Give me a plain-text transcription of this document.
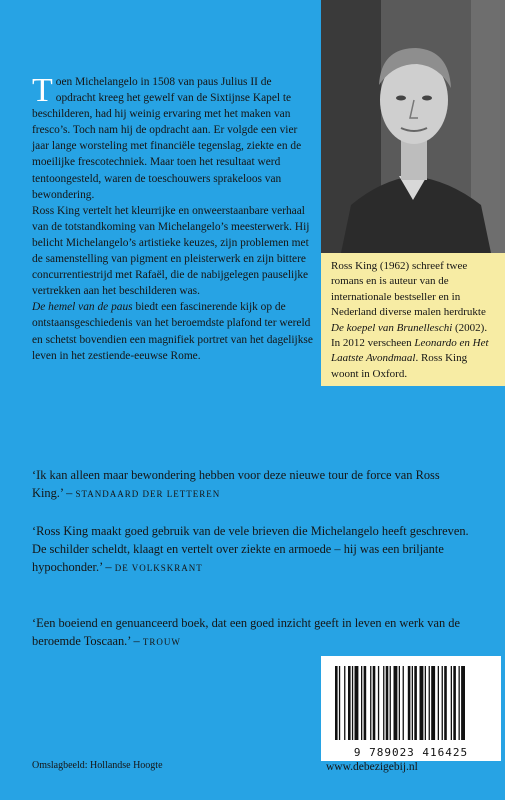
Toen Michelangelo in 1508 van paus Julius II de opdracht kreeg het gewelf van de Sixtijnse Kapel te beschilderen, had hij weinig ervaring met het maken van fresco’s. Toch nam hij de opdracht aan. Er volgde een vier jaar lange worsteling met financiële tegenslag, ziekte en de moeilijke frescotechniek. Maar toen het resultaat werd tentoongesteld, waren de toeschouwers sprakeloos van bewondering.

Ross King vertelt het kleurrijke en onweerstaanbare verhaal van de totstandkoming van Michelangelo’s meesterwerk. Hij belicht Michelangelo’s artistieke keuzes, zijn problemen met de samenstelling van pigment en pleisterwerk en zijn bittere concurrentiestrijd met Rafaël, die de nabijgelegen pauselijke vertrekken aan het beschilderen was.

De hemel van de paus biedt een fascinerende kijk op de ontstaansgeschiedenis van het beroemdste plafond ter wereld en schetst bovendien een magnifiek portret van het dagelijkse leven in het zestiende-eeuwse Rome.

Ross King (1962) schreef twee romans en is auteur van de internationale bestseller en in Nederland diverse malen herdrukte De koepel van Brunelleschi (2002). In 2012 verscheen Leonardo en Het Laatste Avondmaal. Ross King woont in Oxford.

‘Ik kan alleen maar bewondering hebben voor deze nieuwe tour de force van Ross King.’ – STANDAARD DER LETTEREN

‘Ross King maakt goed gebruik van de vele brieven die Michelangelo heeft geschreven. De schilder scheldt, klaagt en vertelt over ziekte en armoede – hij was een briljante hypochonder.’ – DE VOLKSKRANT

‘Een boeiend en genuanceerd boek, dat een goed inzicht geeft in leven en werk van de beroemde Toscaan.’ – TROUW

9 789023 416425
Omslagbeeld: Hollandse Hoogte	www.debezigebij.nl
